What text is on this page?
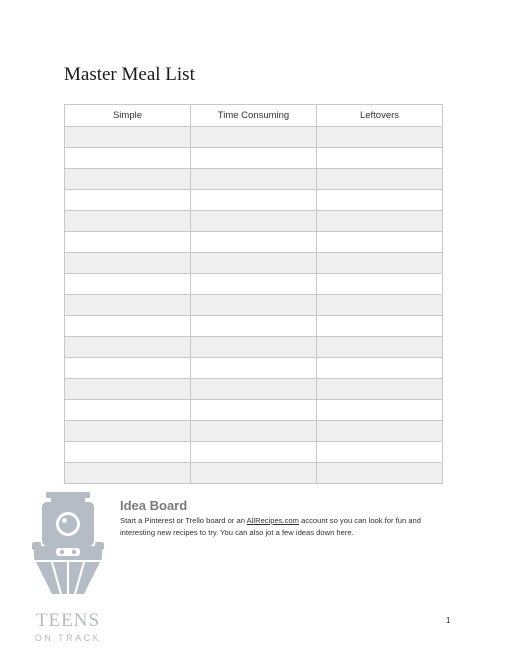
Master Meal List
Simple	Time Consuming	Leftovers

TEENS
ON TRACK
Idea Board

Start a Pinterest or Trello board or an AllRecipes.com account so you can look for fun and interesting new recipes to try. You can also jot a few ideas down here.

1
